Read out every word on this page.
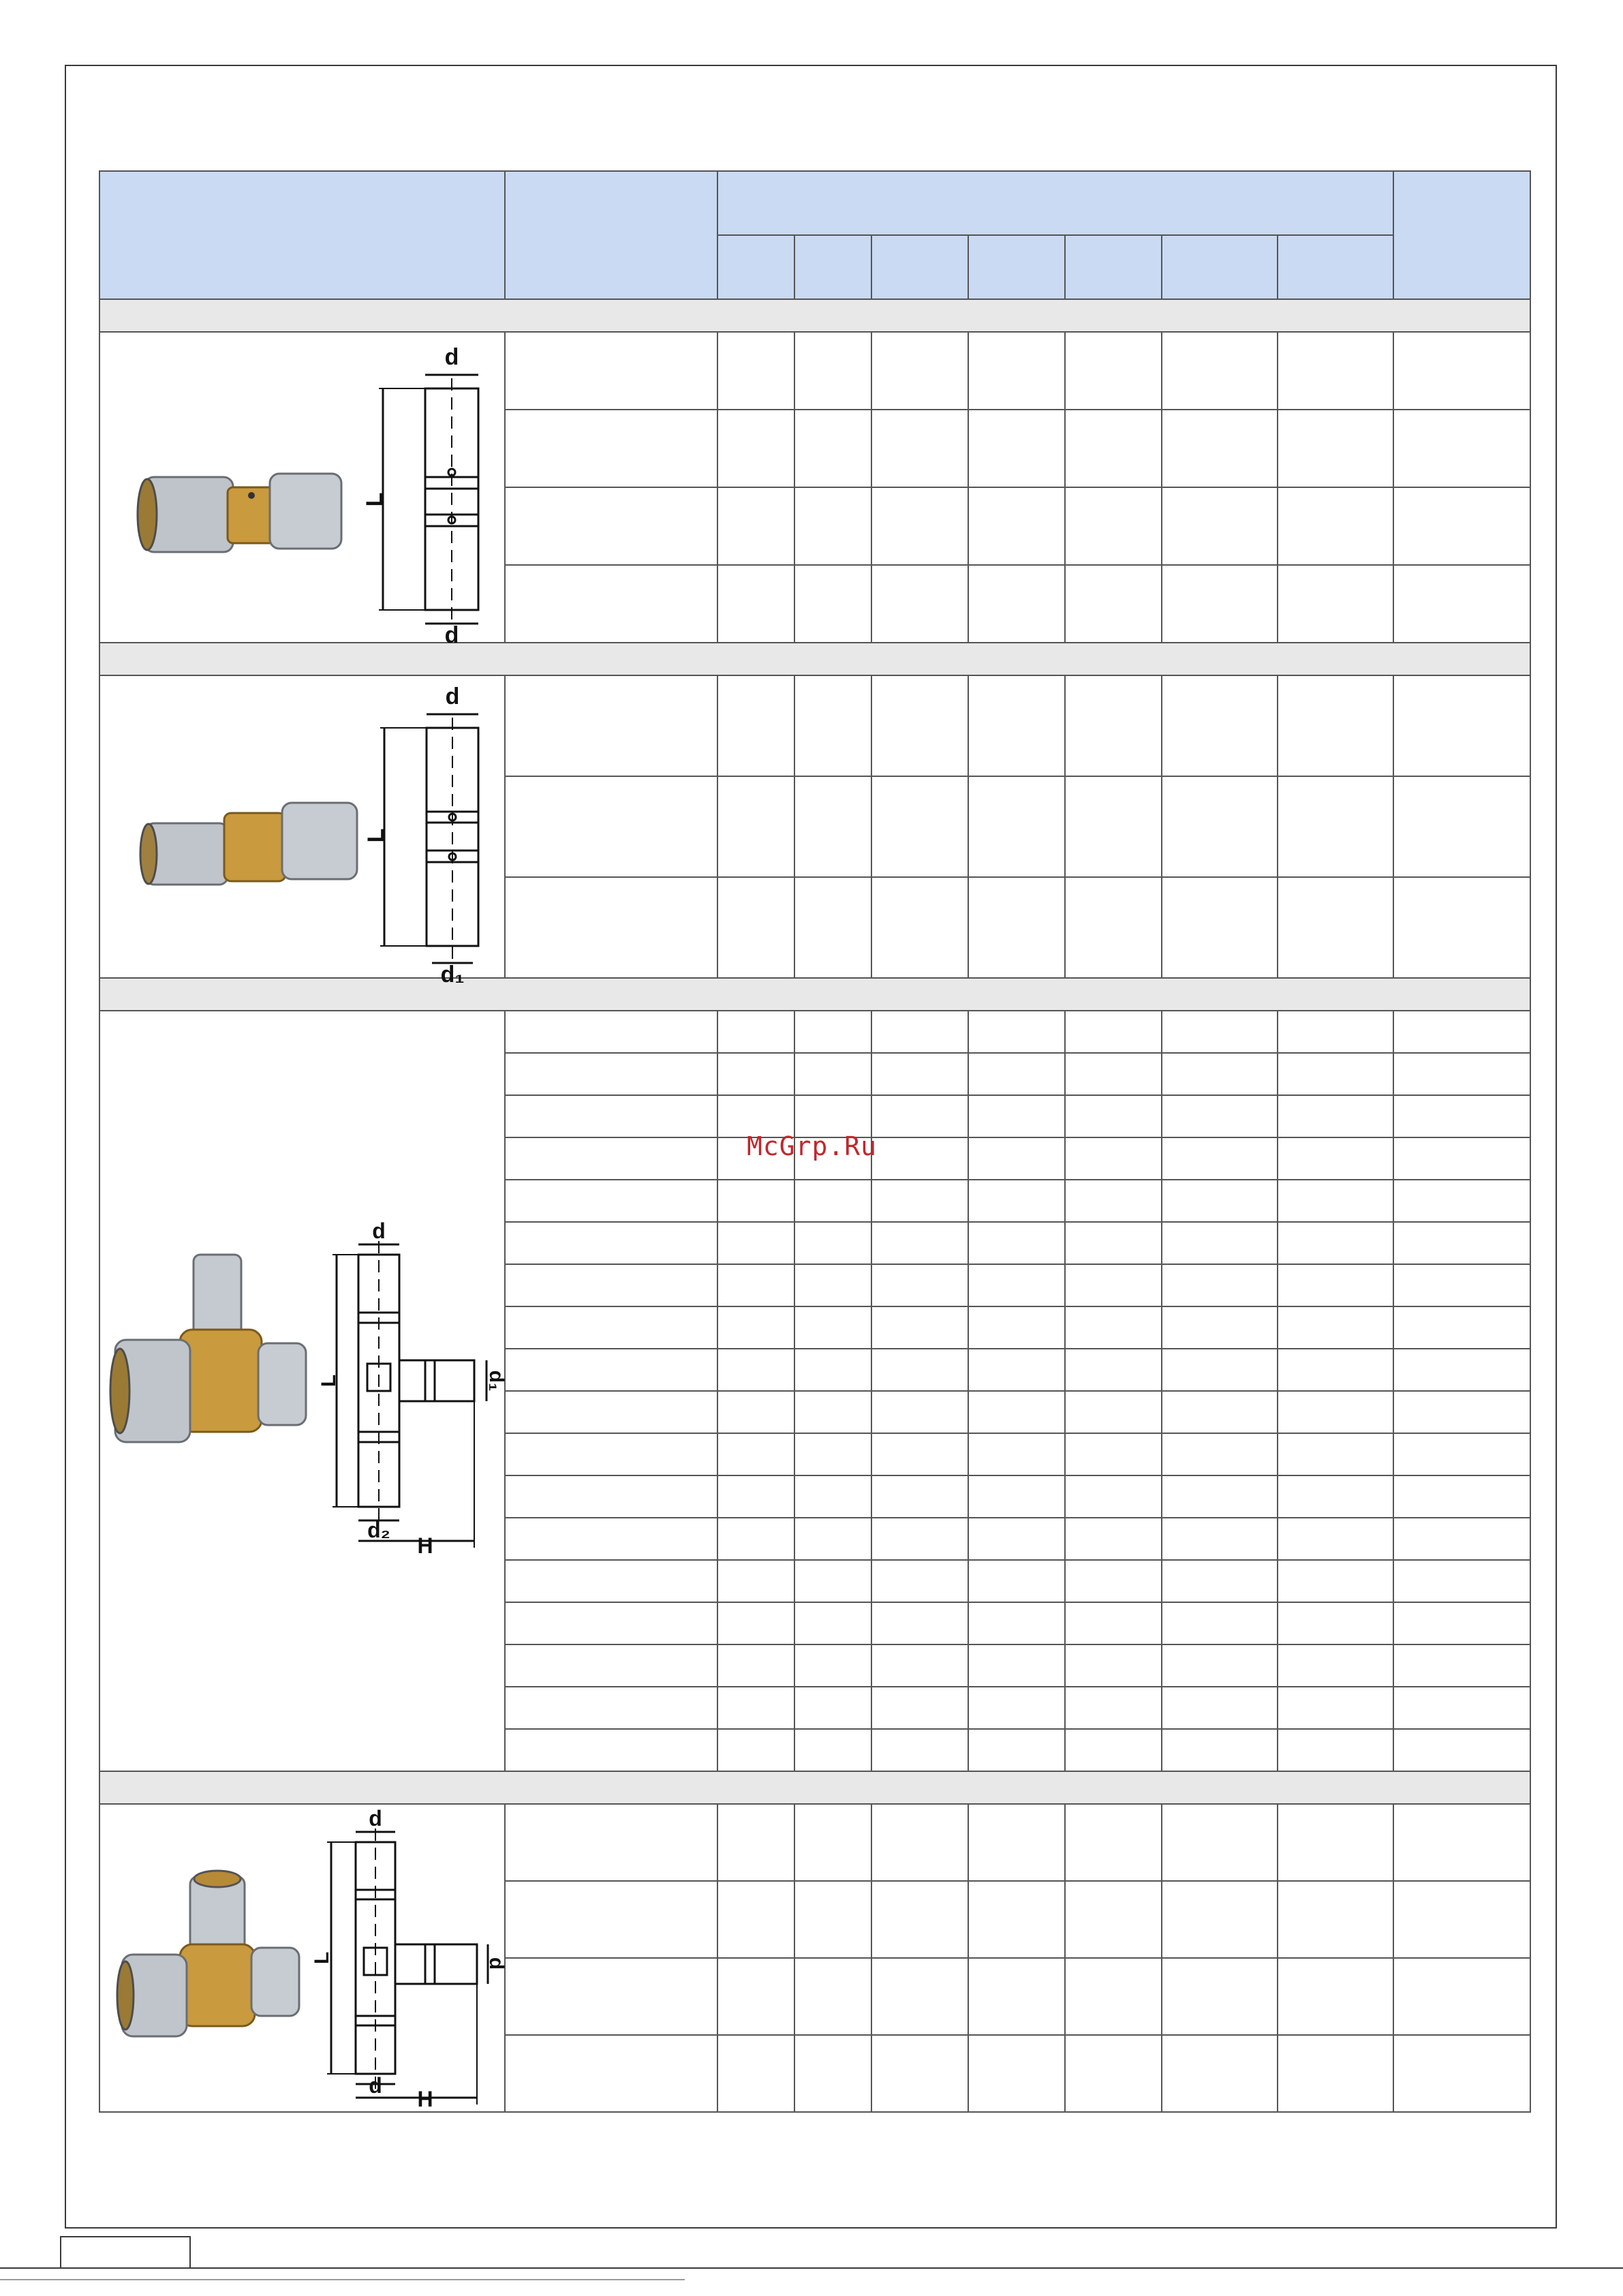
d
d
L									

d
d₁
L									

d
d₂
H
L d₁									

d
d
H
L d									

McGrp.Ru
